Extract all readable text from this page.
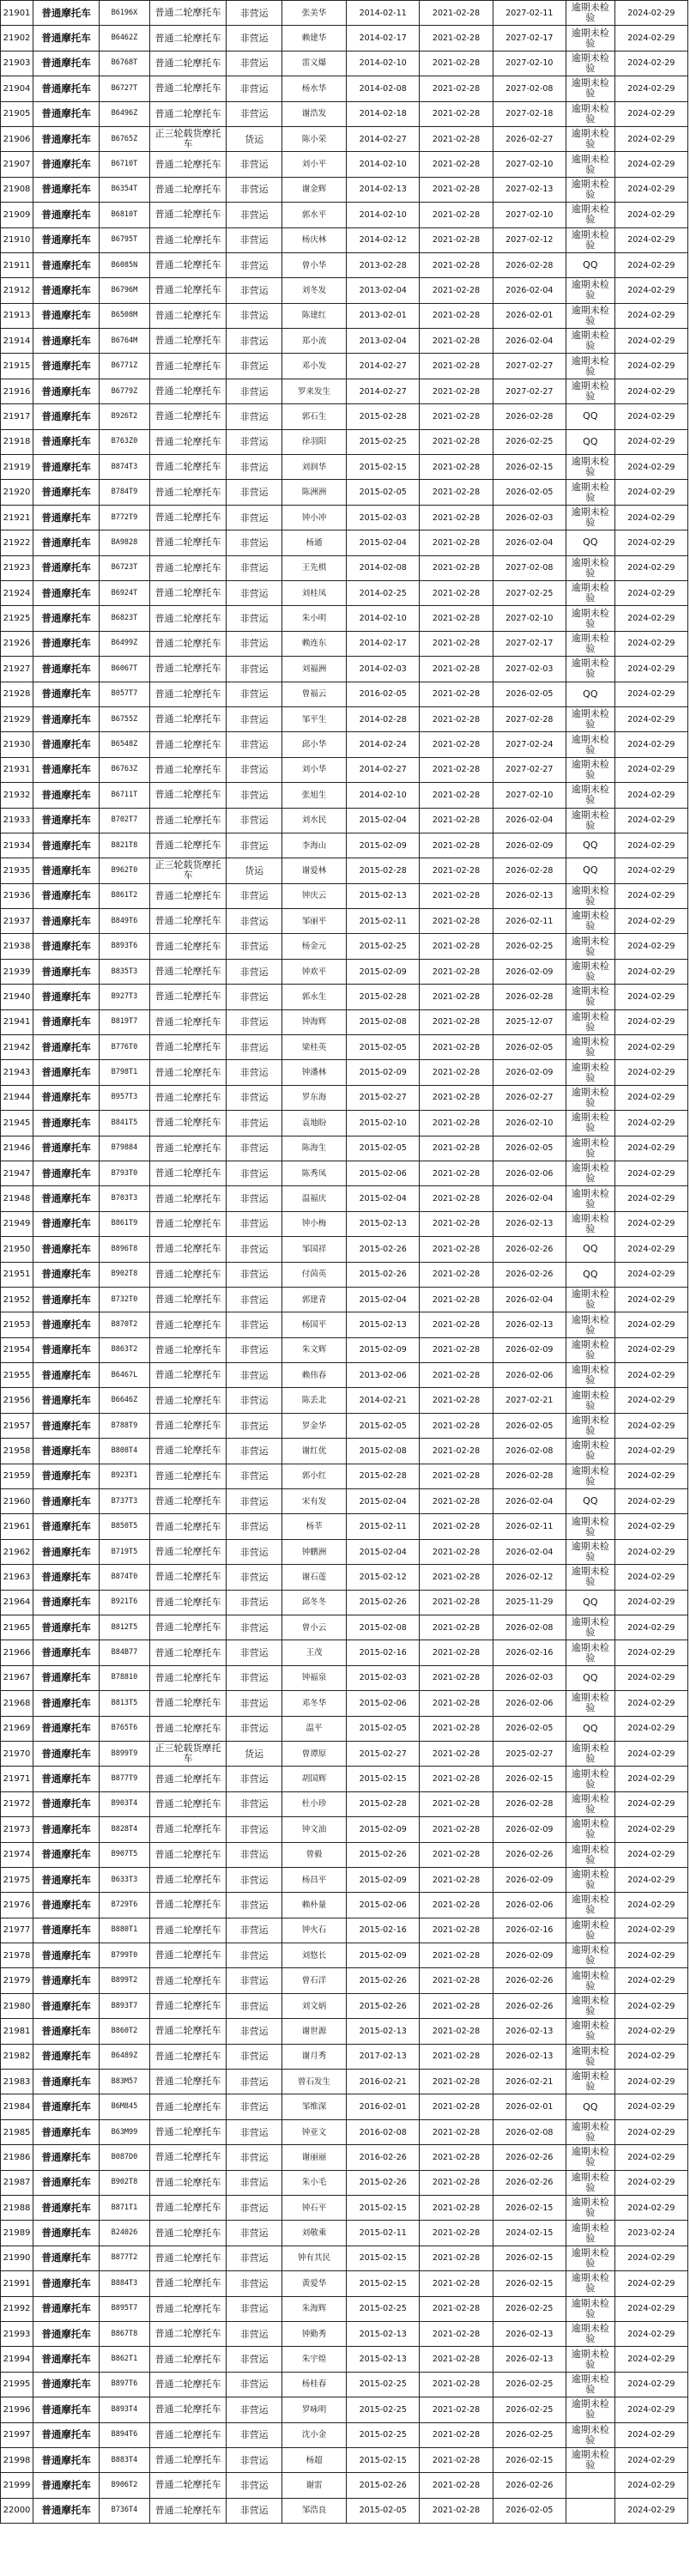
21901	普通摩托车	B6196X	普通二轮摩托车	非营运	张美华	2014-02-11	2021-02-28	2027-02-11	逾期未检验	2024-02-29
21902	普通摩托车	B6462Z	普通二轮摩托车	非营运	赖建华	2014-02-17	2021-02-28	2027-02-17	逾期未检验	2024-02-29
21903	普通摩托车	B6768T	普通二轮摩托车	非营运	雷义爆	2014-02-10	2021-02-28	2027-02-10	逾期未检验	2024-02-29
21904	普通摩托车	B6727T	普通二轮摩托车	非营运	杨水华	2014-02-08	2021-02-28	2027-02-08	逾期未检验	2024-02-29
21905	普通摩托车	B6496Z	普通二轮摩托车	非营运	谢浩发	2014-02-18	2021-02-28	2027-02-18	逾期未检验	2024-02-29
21906	普通摩托车	B6765Z	正三轮载货摩托车	货运	陈小荣	2014-02-27	2021-02-28	2026-02-27	逾期未检验	2024-02-29
21907	普通摩托车	B6710T	普通二轮摩托车	非营运	刘小平	2014-02-10	2021-02-28	2027-02-10	逾期未检验	2024-02-29
21908	普通摩托车	B6354T	普通二轮摩托车	非营运	谢金辉	2014-02-13	2021-02-28	2027-02-13	逾期未检验	2024-02-29
21909	普通摩托车	B6810T	普通二轮摩托车	非营运	郭水平	2014-02-10	2021-02-28	2027-02-10	逾期未检验	2024-02-29
21910	普通摩托车	B6795T	普通二轮摩托车	非营运	杨庆林	2014-02-12	2021-02-28	2027-02-12	逾期未检验	2024-02-29
21911	普通摩托车	B6085N	普通二轮摩托车	非营运	曾小华	2013-02-28	2021-02-28	2026-02-28	QQ	2024-02-29
21912	普通摩托车	B6796M	普通二轮摩托车	非营运	刘冬发	2013-02-04	2021-02-28	2026-02-04	逾期未检验	2024-02-29
21913	普通摩托车	B6508M	普通二轮摩托车	非营运	陈建红	2013-02-01	2021-02-28	2026-02-01	逾期未检验	2024-02-29
21914	普通摩托车	B6764M	普通二轮摩托车	非营运	郑小流	2013-02-04	2021-02-28	2026-02-04	逾期未检验	2024-02-29
21915	普通摩托车	B6771Z	普通二轮摩托车	非营运	邓小发	2014-02-27	2021-02-28	2027-02-27	逾期未检验	2024-02-29
21916	普通摩托车	B6779Z	普通二轮摩托车	非营运	罗来发生	2014-02-27	2021-02-28	2027-02-27	逾期未检验	2024-02-29
21917	普通摩托车	B926T2	普通二轮摩托车	非营运	郭石生	2015-02-28	2021-02-28	2026-02-28	QQ	2024-02-29
21918	普通摩托车	B763Z0	普通二轮摩托车	非营运	徐羽阳	2015-02-25	2021-02-28	2026-02-25	QQ	2024-02-29
21919	普通摩托车	B874T3	普通二轮摩托车	非营运	刘润华	2015-02-15	2021-02-28	2026-02-15	逾期未检验	2024-02-29
21920	普通摩托车	B784T9	普通二轮摩托车	非营运	陈洲洲	2015-02-05	2021-02-28	2026-02-05	逾期未检验	2024-02-29
21921	普通摩托车	B772T9	普通二轮摩托车	非营运	钟小冲	2015-02-03	2021-02-28	2026-02-03	逾期未检验	2024-02-29
21922	普通摩托车	BA9828	普通二轮摩托车	非营运	杨通	2015-02-04	2021-02-28	2026-02-04	QQ	2024-02-29
21923	普通摩托车	B6723T	普通二轮摩托车	非营运	王先棋	2014-02-08	2021-02-28	2027-02-08	逾期未检验	2024-02-29
21924	普通摩托车	B6924T	普通二轮摩托车	非营运	刘桂凤	2014-02-25	2021-02-28	2027-02-25	逾期未检验	2024-02-29
21925	普通摩托车	B6823T	普通二轮摩托车	非营运	朱小明	2014-02-10	2021-02-28	2027-02-10	逾期未检验	2024-02-29
21926	普通摩托车	B6499Z	普通二轮摩托车	非营运	赖连东	2014-02-17	2021-02-28	2027-02-17	逾期未检验	2024-02-29
21927	普通摩托车	B6067T	普通二轮摩托车	非营运	刘福洲	2014-02-03	2021-02-28	2027-02-03	逾期未检验	2024-02-29
21928	普通摩托车	B057T7	普通二轮摩托车	非营运	曾福云	2016-02-05	2021-02-28	2026-02-05	QQ	2024-02-29
21929	普通摩托车	B6755Z	普通二轮摩托车	非营运	邹平生	2014-02-28	2021-02-28	2027-02-28	逾期未检验	2024-02-29
21930	普通摩托车	B6548Z	普通二轮摩托车	非营运	邱小华	2014-02-24	2021-02-28	2027-02-24	逾期未检验	2024-02-29
21931	普通摩托车	B6763Z	普通二轮摩托车	非营运	刘小华	2014-02-27	2021-02-28	2027-02-27	逾期未检验	2024-02-29
21932	普通摩托车	B6711T	普通二轮摩托车	非营运	张旭生	2014-02-10	2021-02-28	2027-02-10	逾期未检验	2024-02-29
21933	普通摩托车	B702T7	普通二轮摩托车	非营运	刘水民	2015-02-04	2021-02-28	2026-02-04	逾期未检验	2024-02-29
21934	普通摩托车	B821T8	普通二轮摩托车	非营运	李海山	2015-02-09	2021-02-28	2026-02-09	QQ	2024-02-29
21935	普通摩托车	B962T0	正三轮载货摩托车	货运	谢爱林	2015-02-28	2021-02-28	2026-02-28	QQ	2024-02-29
21936	普通摩托车	B861T2	普通二轮摩托车	非营运	钟庆云	2015-02-13	2021-02-28	2026-02-13	逾期未检验	2024-02-29
21937	普通摩托车	B849T6	普通二轮摩托车	非营运	邹丽平	2015-02-11	2021-02-28	2026-02-11	逾期未检验	2024-02-29
21938	普通摩托车	B893T6	普通二轮摩托车	非营运	杨金元	2015-02-25	2021-02-28	2026-02-25	逾期未检验	2024-02-29
21939	普通摩托车	B835T3	普通二轮摩托车	非营运	钟欢平	2015-02-09	2021-02-28	2026-02-09	逾期未检验	2024-02-29
21940	普通摩托车	B927T3	普通二轮摩托车	非营运	郭永生	2015-02-28	2021-02-28	2026-02-28	逾期未检验	2024-02-29
21941	普通摩托车	B819T7	普通二轮摩托车	非营运	钟海辉	2015-02-08	2021-02-28	2025-12-07	逾期未检验	2024-02-29
21942	普通摩托车	B776T0	普通二轮摩托车	非营运	梁桂英	2015-02-05	2021-02-28	2026-02-05	逾期未检验	2024-02-29
21943	普通摩托车	B798T1	普通二轮摩托车	非营运	钟潘林	2015-02-09	2021-02-28	2026-02-09	逾期未检验	2024-02-29
21944	普通摩托车	B957T3	普通二轮摩托车	非营运	罗东海	2015-02-27	2021-02-28	2026-02-27	逾期未检验	2024-02-29
21945	普通摩托车	B841T5	普通二轮摩托车	非营运	袁地盼	2015-02-10	2021-02-28	2026-02-10	逾期未检验	2024-02-29
21946	普通摩托车	B79884	普通二轮摩托车	非营运	陈海生	2015-02-05	2021-02-28	2026-02-05	逾期未检验	2024-02-29
21947	普通摩托车	B793T0	普通二轮摩托车	非营运	陈秀凤	2015-02-06	2021-02-28	2026-02-06	逾期未检验	2024-02-29
21948	普通摩托车	B703T3	普通二轮摩托车	非营运	温福庆	2015-02-04	2021-02-28	2026-02-04	逾期未检验	2024-02-29
21949	普通摩托车	B861T9	普通二轮摩托车	非营运	钟小梅	2015-02-13	2021-02-28	2026-02-13	逾期未检验	2024-02-29
21950	普通摩托车	B896T8	普通二轮摩托车	非营运	邹国祥	2015-02-26	2021-02-28	2026-02-26	QQ	2024-02-29
21951	普通摩托车	B902T8	普通二轮摩托车	非营运	付茵英	2015-02-26	2021-02-28	2026-02-26	QQ	2024-02-29
21952	普通摩托车	B732T0	普通二轮摩托车	非营运	郭建青	2015-02-04	2021-02-28	2026-02-04	逾期未检验	2024-02-29
21953	普通摩托车	B870T2	普通二轮摩托车	非营运	杨国平	2015-02-13	2021-02-28	2026-02-13	逾期未检验	2024-02-29
21954	普通摩托车	B863T2	普通二轮摩托车	非营运	朱文辉	2015-02-09	2021-02-28	2026-02-09	逾期未检验	2024-02-29
21955	普通摩托车	B6467L	普通二轮摩托车	非营运	赖伟春	2013-02-06	2021-02-28	2026-02-06	逾期未检验	2024-02-29
21956	普通摩托车	B6646Z	普通二轮摩托车	非营运	陈丢北	2014-02-21	2021-02-28	2027-02-21	逾期未检验	2024-02-29
21957	普通摩托车	B788T9	普通二轮摩托车	非营运	罗金华	2015-02-05	2021-02-28	2026-02-05	逾期未检验	2024-02-29
21958	普通摩托车	B808T4	普通二轮摩托车	非营运	谢红优	2015-02-08	2021-02-28	2026-02-08	逾期未检验	2024-02-29
21959	普通摩托车	B923T1	普通二轮摩托车	非营运	郭小红	2015-02-28	2021-02-28	2026-02-28	逾期未检验	2024-02-29
21960	普通摩托车	B737T3	普通二轮摩托车	非营运	宋有发	2015-02-04	2021-02-28	2026-02-04	QQ	2024-02-29
21961	普通摩托车	B850T5	普通二轮摩托车	非营运	杨莘	2015-02-11	2021-02-28	2026-02-11	逾期未检验	2024-02-29
21962	普通摩托车	B719T5	普通二轮摩托车	非营运	钟鹏洲	2015-02-04	2021-02-28	2026-02-04	逾期未检验	2024-02-29
21963	普通摩托车	B874T0	普通二轮摩托车	非营运	谢石莲	2015-02-12	2021-02-28	2026-02-12	逾期未检验	2024-02-29
21964	普通摩托车	B921T6	普通二轮摩托车	非营运	邱冬冬	2015-02-26	2021-02-28	2025-11-29	QQ	2024-02-29
21965	普通摩托车	B812T5	普通二轮摩托车	非营运	曾小云	2015-02-08	2021-02-28	2026-02-08	逾期未检验	2024-02-29
21966	普通摩托车	B84B77	普通二轮摩托车	非营运	王茂	2015-02-16	2021-02-28	2026-02-16	逾期未检验	2024-02-29
21967	普通摩托车	B78810	普通二轮摩托车	非营运	钟福泉	2015-02-03	2021-02-28	2026-02-03	QQ	2024-02-29
21968	普通摩托车	B813T5	普通二轮摩托车	非营运	邓冬华	2015-02-06	2021-02-28	2026-02-06	逾期未检验	2024-02-29
21969	普通摩托车	B765T6	普通二轮摩托车	非营运	温平	2015-02-05	2021-02-28	2026-02-05	QQ	2024-02-29
21970	普通摩托车	B899T9	正三轮载货摩托车	货运	曾谭原	2015-02-27	2021-02-28	2025-02-27	逾期未检验	2024-02-29
21971	普通摩托车	B877T9	普通二轮摩托车	非营运	胡国辉	2015-02-15	2021-02-28	2026-02-15	逾期未检验	2024-02-29
21972	普通摩托车	B903T4	普通二轮摩托车	非营运	杜小珍	2015-02-28	2021-02-28	2026-02-28	逾期未检验	2024-02-29
21973	普通摩托车	B828T4	普通二轮摩托车	非营运	钟文油	2015-02-09	2021-02-28	2026-02-09	逾期未检验	2024-02-29
21974	普通摩托车	B907T5	普通二轮摩托车	非营运	曾毅	2015-02-26	2021-02-28	2026-02-26	逾期未检验	2024-02-29
21975	普通摩托车	B633T3	普通二轮摩托车	非营运	杨昌平	2015-02-09	2021-02-28	2026-02-09	逾期未检验	2024-02-29
21976	普通摩托车	B729T6	普通二轮摩托车	非营运	赖朴量	2015-02-06	2021-02-28	2026-02-06	逾期未检验	2024-02-29
21977	普通摩托车	B880T1	普通二轮摩托车	非营运	钟火石	2015-02-16	2021-02-28	2026-02-16	逾期未检验	2024-02-29
21978	普通摩托车	B799T0	普通二轮摩托车	非营运	刘悠长	2015-02-09	2021-02-28	2026-02-09	逾期未检验	2024-02-29
21979	普通摩托车	B899T2	普通二轮摩托车	非营运	曾石洋	2015-02-26	2021-02-28	2026-02-26	逾期未检验	2024-02-29
21980	普通摩托车	B893T7	普通二轮摩托车	非营运	刘文炳	2015-02-26	2021-02-28	2026-02-26	逾期未检验	2024-02-29
21981	普通摩托车	B860T2	普通二轮摩托车	非营运	谢世源	2015-02-13	2021-02-28	2026-02-13	逾期未检验	2024-02-29
21982	普通摩托车	B6489Z	普通二轮摩托车	非营运	谢月秀	2017-02-13	2021-02-28	2026-02-13	逾期未检验	2024-02-29
21983	普通摩托车	B83M57	普通二轮摩托车	非营运	曾石发生	2016-02-21	2021-02-28	2026-02-21	逾期未检验	2024-02-29
21984	普通摩托车	B6M845	普通二轮摩托车	非营运	邹维深	2016-02-01	2021-02-28	2026-02-01	QQ	2024-02-29
21985	普通摩托车	B63M99	普通二轮摩托车	非营运	钟亚文	2016-02-08	2021-02-28	2026-02-08	逾期未检验	2024-02-29
21986	普通摩托车	B087D0	普通二轮摩托车	非营运	谢丽丽	2016-02-26	2021-02-28	2026-02-26	逾期未检验	2024-02-29
21987	普通摩托车	B902T8	普通二轮摩托车	非营运	朱小毛	2015-02-26	2021-02-28	2026-02-26	逾期未检验	2024-02-29
21988	普通摩托车	B871T1	普通二轮摩托车	非营运	钟石平	2015-02-15	2021-02-28	2026-02-15	逾期未检验	2024-02-29
21989	普通摩托车	B24026	普通二轮摩托车	非营运	刘敬乘	2015-02-11	2021-02-28	2024-02-15	逾期未检验	2023-02-24
21990	普通摩托车	B877T2	普通二轮摩托车	非营运	钟有其民	2015-02-15	2021-02-28	2026-02-15	逾期未检验	2024-02-29
21991	普通摩托车	B884T3	普通二轮摩托车	非营运	黄爱华	2015-02-15	2021-02-28	2026-02-15	逾期未检验	2024-02-29
21992	普通摩托车	B895T7	普通二轮摩托车	非营运	朱海辉	2015-02-25	2021-02-28	2026-02-25	逾期未检验	2024-02-29
21993	普通摩托车	B867T8	普通二轮摩托车	非营运	钟勤秀	2015-02-13	2021-02-28	2026-02-13	逾期未检验	2024-02-29
21994	普通摩托车	B862T1	普通二轮摩托车	非营运	朱宇煌	2015-02-13	2021-02-28	2026-02-13	逾期未检验	2024-02-29
21995	普通摩托车	B897T6	普通二轮摩托车	非营运	杨桂春	2015-02-25	2021-02-28	2026-02-25	逾期未检验	2024-02-29
21996	普通摩托车	B893T4	普通二轮摩托车	非营运	罗咏明	2015-02-25	2021-02-28	2026-02-25	逾期未检验	2024-02-29
21997	普通摩托车	B894T6	普通二轮摩托车	非营运	沈小金	2015-02-25	2021-02-28	2026-02-25	逾期未检验	2024-02-29
21998	普通摩托车	B883T4	普通二轮摩托车	非营运	杨超	2015-02-15	2021-02-28	2026-02-15	逾期未检验	2024-02-29
21999	普通摩托车	B906T2	普通二轮摩托车	非营运	谢雷	2015-02-26	2021-02-28	2026-02-26		2024-02-29
22000	普通摩托车	B736T4	普通二轮摩托车	非营运	邹浩良	2015-02-05	2021-02-28	2026-02-05		2024-02-29
